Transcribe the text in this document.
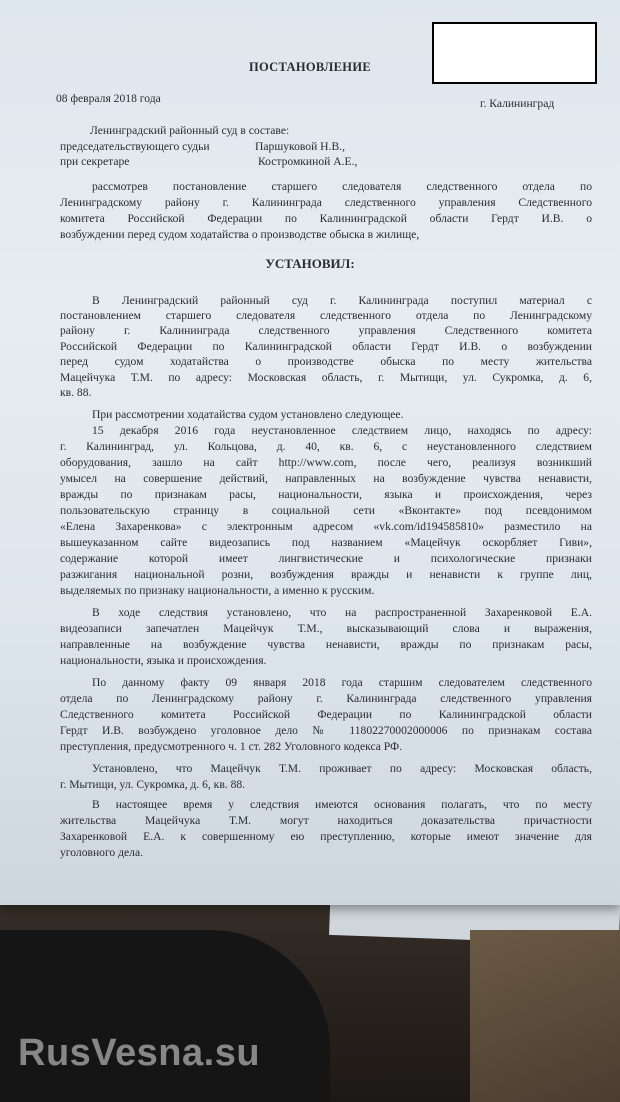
ПОСТАНОВЛЕНИЕ
08 февраля 2018 года	г. Калининград
Ленинградский районный суд в составе:
председательствующего судьи	Паршуковой Н.В.,
при секретаре	Костромкиной А.Е.,
рассмотрев постановление старшего следователя следственного отдела по
Ленинградскому району г. Калининграда следственного управления Следственного
комитета Российской Федерации по Калининградской области Гердт И.В. о
возбуждении перед судом ходатайства о производстве обыска в жилище,
УСТАНОВИЛ:
В Ленинградский районный суд г. Калининграда поступил материал с
постановлением старшего следователя следственного отдела по Ленинградскому
району г. Калининграда следственного управления Следственного комитета
Российской Федерации по Калининградской области Гердт И.В. о возбуждении
перед судом ходатайства о производстве обыска по месту жительства
Мацейчука Т.М. по адресу: Московская область, г. Мытищи, ул. Сукромка, д. 6,
кв. 88.
При рассмотрении ходатайства судом установлено следующее.
15 декабря 2016 года неустановленное следствием лицо, находясь по адресу:
г. Калининград, ул. Кольцова, д. 40, кв. 6, с неустановленного следствием
оборудования, зашло на сайт http://www.com, после чего, реализуя возникший
умысел на совершение действий, направленных на возбуждение чувства ненависти,
вражды по признакам расы, национальности, языка и происхождения, через
пользовательскую страницу в социальной сети «Вконтакте» под псевдонимом
«Елена Захаренкова» с электронным адресом «vk.com/id194585810» разместило на
вышеуказанном сайте видеозапись под названием «Мацейчук оскорбляет Гиви»,
содержание которой имеет лингвистические и психологические признаки
разжигания национальной розни, возбуждения вражды и ненависти к группе лиц,
выделяемых по признаку национальности, а именно к русским.
В ходе следствия установлено, что на распространенной Захаренковой Е.А.
видеозаписи запечатлен Мацейчук Т.М., высказывающий слова и выражения,
направленные на возбуждение чувства ненависти, вражды по признакам расы,
национальности, языка и происхождения.
По данному факту 09 января 2018 года старшим следователем следственного
отдела по Ленинградскому району г. Калининграда следственного управления
Следственного комитета Российской Федерации по Калининградской области
Гердт И.В. возбуждено уголовное дело № 11802270002000006 по признакам состава
преступления, предусмотренного ч. 1 ст. 282 Уголовного кодекса РФ.
Установлено, что Мацейчук Т.М. проживает по адресу: Московская область,
г. Мытищи, ул. Сукромка, д. 6, кв. 88.
В настоящее время у следствия имеются основания полагать, что по месту
жительства Мацейчука Т.М. могут находиться доказательства причастности
Захаренковой Е.А. к совершенному ею преступлению, которые имеют значение для
уголовного дела.
RusVesna.su
